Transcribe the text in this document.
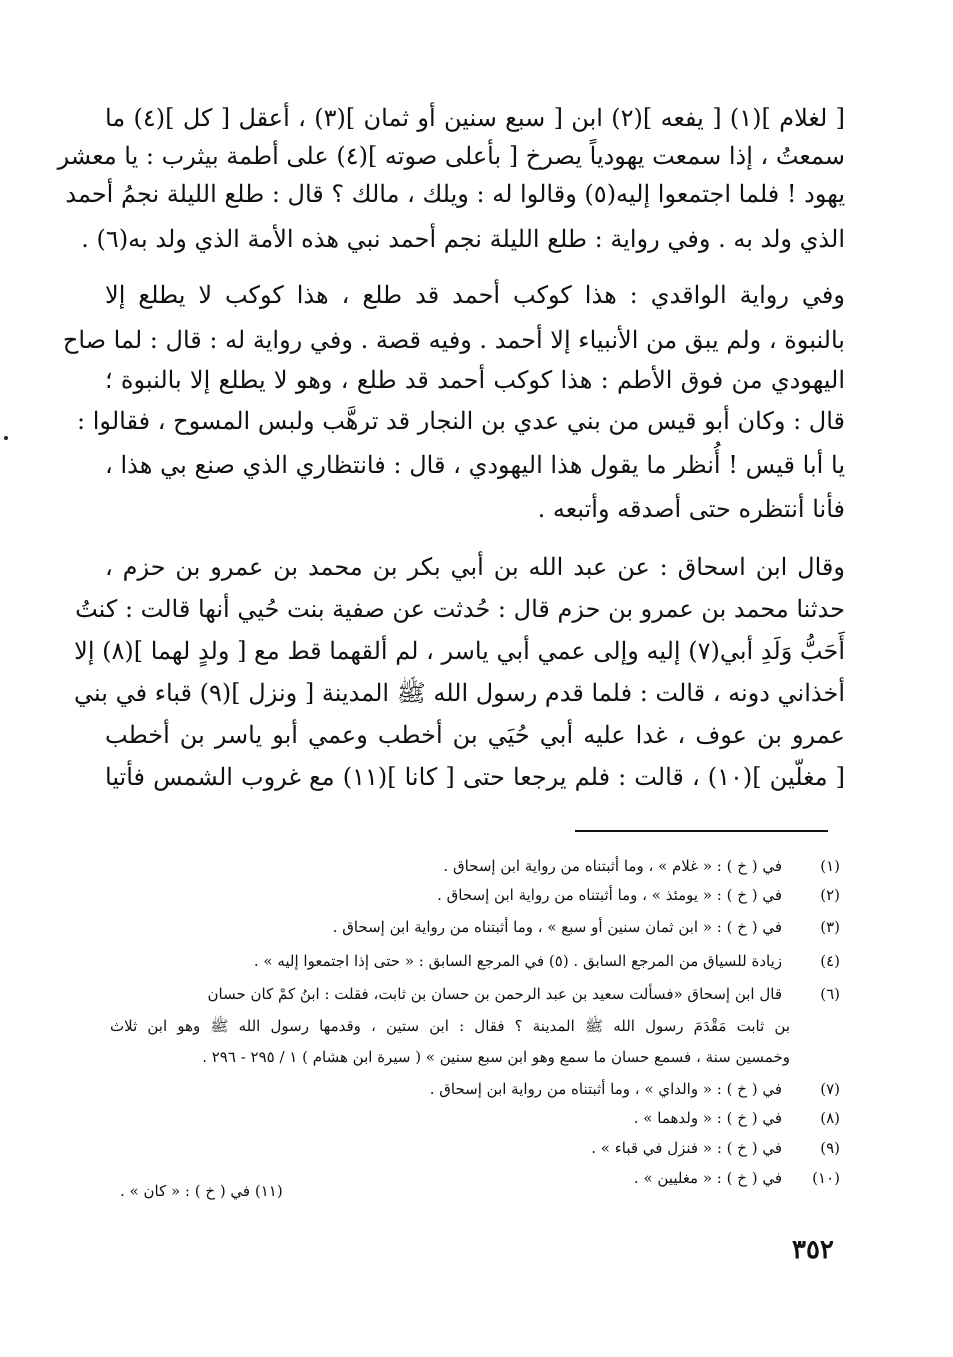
[ لغلام ](١) [ يفعه ](٢) ابن [ سبع سنين أو ثمان ](٣) ، أعقل [ كل ](٤) ما
سمعتُ ، إذا سمعت يهودياً يصرخ [ بأعلى صوته ](٤) على أطمة بيثرب : يا معشر
يهود ! فلما اجتمعوا إليه(٥) وقالوا له : ويلك ، مالك ؟ قال : طلع الليلة نجمُ أحمد
الذي ولد به . وفي رواية : طلع الليلة نجم أحمد نبي هذه الأمة الذي ولد به(٦) .
وفي رواية الواقدي : هذا كوكب أحمد قد طلع ، هذا كوكب لا يطلع إلا
بالنبوة ، ولم يبق من الأنبياء إلا أحمد . وفيه قصة . وفي رواية له : قال : لما صاح
اليهودي من فوق الأطم : هذا كوكب أحمد قد طلع ، وهو لا يطلع إلا بالنبوة ؛
قال : وكان أبو قيس من بني عدي بن النجار قد ترهَّب ولبس المسوح ، فقالوا :
يا أبا قيس ! أُنظر ما يقول هذا اليهودي ، قال : فانتظاري الذي صنع بي هذا ،
فأنا أنتظره حتى أصدقه وأتبعه .
وقال ابن اسحاق : عن عبد الله بن أبي بكر بن محمد بن عمرو بن حزم ،
حدثنا محمد بن عمرو بن حزم قال : حُدثت عن صفية بنت حُيي أنها قالت : كنتُ
أَحَبُّ وَلَدِ أبي(٧) إليه وإلى عمي أبي ياسر ، لم ألقهما قط مع [ ولدٍ لهما ](٨) إلا
أخذاني دونه ، قالت : فلما قدم رسول الله ﷺ المدينة [ ونزل ](٩) قباء في بني
عمرو بن عوف ، غدا عليه أبي حُيَي بن أخطب وعمي أبو ياسر بن أخطب
[ مغلّين ](١٠) ، قالت : فلم يرجعا حتى [ كانا ](١١) مع غروب الشمس فأتيا
(١)
في ( خ ) : « غلام » ، وما أثبتناه من رواية ابن إسحاق .
(٢)
في ( خ ) : « يومئذ » ، وما أثبتناه من رواية ابن إسحاق .
(٣)
في ( خ ) : « ابن ثمان سنين أو سبع » ، وما أثبتناه من رواية ابن إسحاق .
(٤)
زيادة للسياق من المرجع السابق . (٥) في المرجع السابق : « حتى إذا اجتمعوا إليه » .
(٦)
قال ابن إسحاق «فسألت سعيد بن عبد الرحمن بن حسان بن ثابت، فقلت : ابنُ كمْ كان حسان
بن ثابت مَقْدَمَ رسول الله ﷺ المدينة ؟ فقال : ابن ستين ، وقدمها رسول الله ﷺ وهو ابن ثلاث
وخمسين سنة ، فسمع حسان ما سمع وهو ابن سبع سنين » ( سيرة ابن هشام ) ١ / ٢٩٥ - ٢٩٦ .
(٧)
في ( خ ) : « والداي » ، وما أثبتناه من رواية ابن إسحاق .
(٨)
في ( خ ) : « ولدهما » .
(٩)
في ( خ ) : « فنزل في قباء » .
(١٠)
في ( خ ) : « مغليين » .
(١١) في ( خ ) : « كان » .
٣٥٢
